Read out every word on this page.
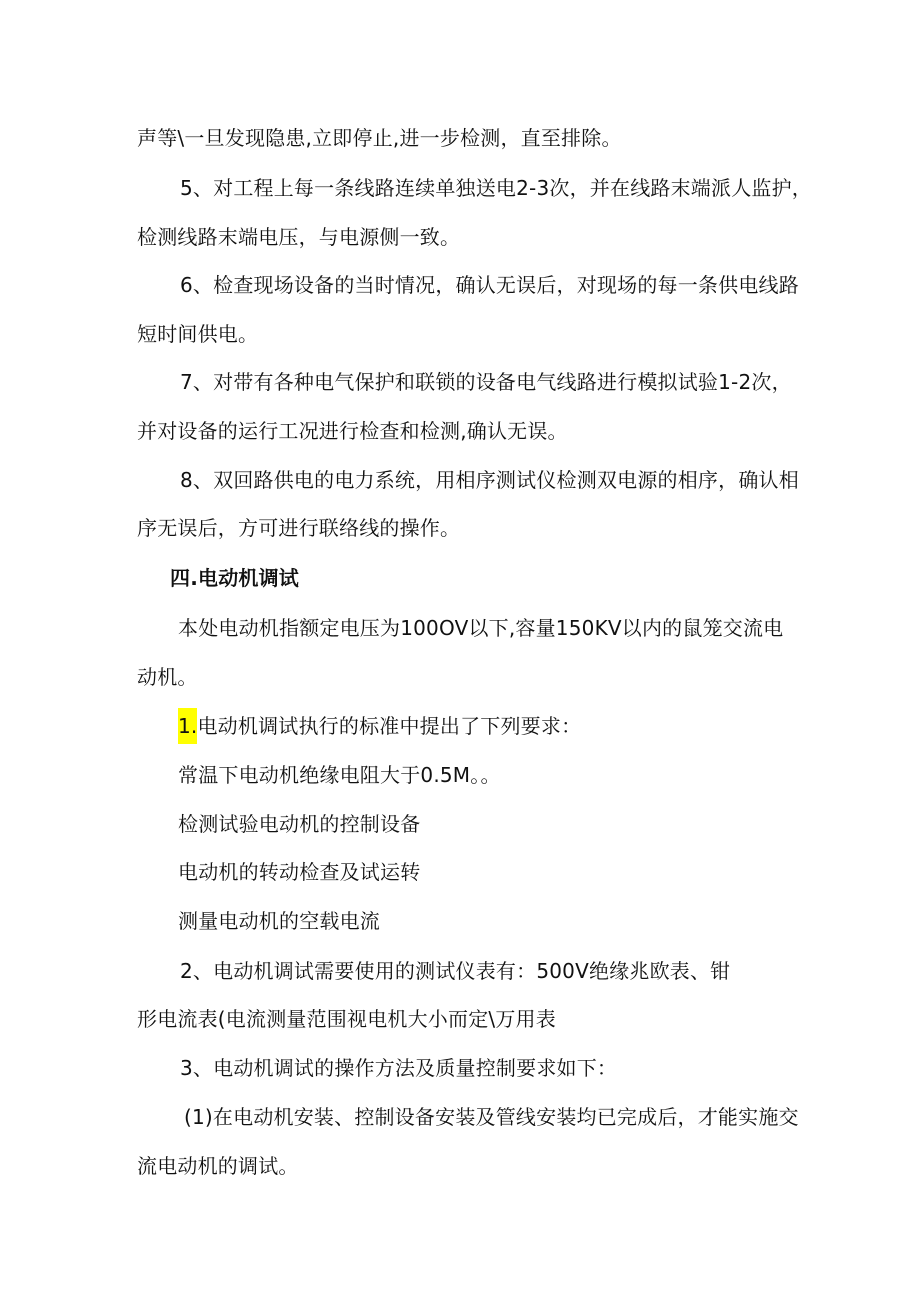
声等\一旦发现隐患,立即停止,进一步检测，直至排除。
5、对工程上每一条线路连续单独送电2-3次，并在线路末端派人监护，
检测线路末端电压，与电源侧一致。
6、检查现场设备的当时情况，确认无误后，对现场的每一条供电线路
短时间供电。
7、对带有各种电气保护和联锁的设备电气线路进行模拟试验1-2次，
并对设备的运行工况进行检查和检测,确认无误。
8、双回路供电的电力系统，用相序测试仪检测双电源的相序，确认相
序无误后，方可进行联络线的操作。
四.电动机调试
本处电动机指额定电压为100OV以下,容量150KV以内的鼠笼交流电
动机。
1.电动机调试执行的标准中提出了下列要求：
常温下电动机绝缘电阻大于0.5M。。
检测试验电动机的控制设备
电动机的转动检查及试运转
测量电动机的空载电流
2、电动机调试需要使用的测试仪表有：500V绝缘兆欧表、钳
形电流表(电流测量范围视电机大小而定\万用表
3、电动机调试的操作方法及质量控制要求如下：
(1)在电动机安装、控制设备安装及管线安装均已完成后，才能实施交
流电动机的调试。
